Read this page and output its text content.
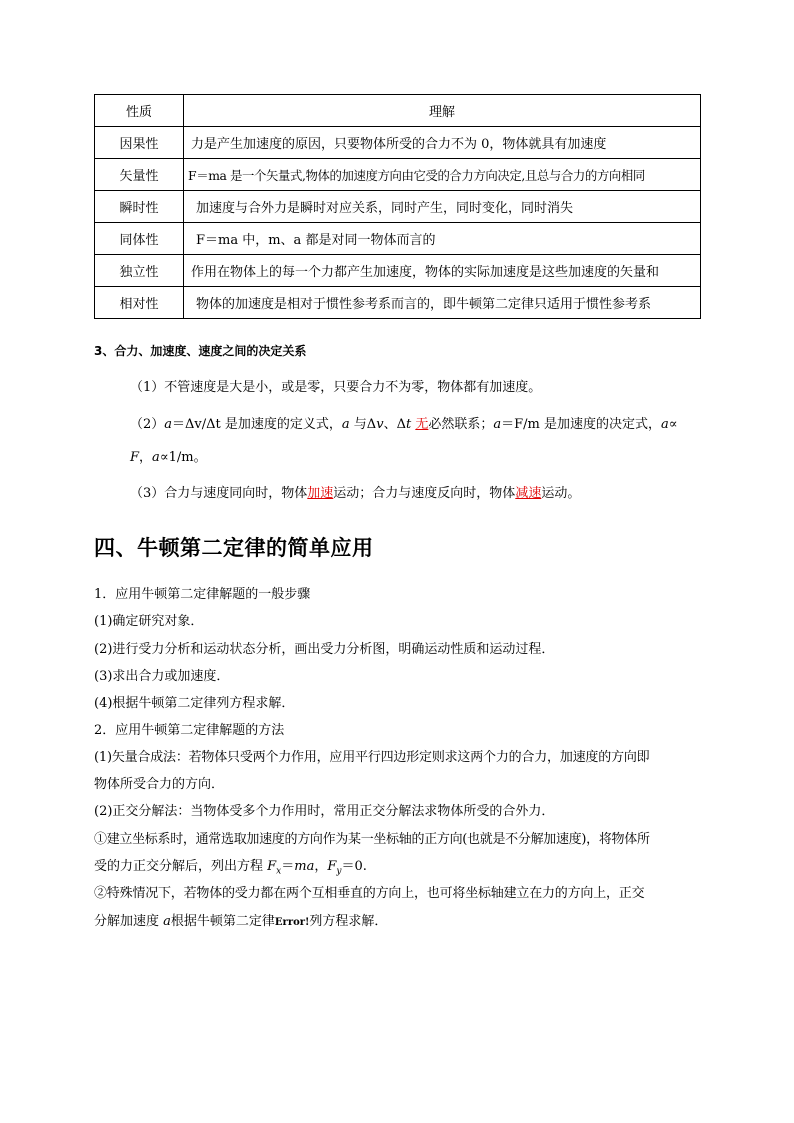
性质	理解
因果性	力是产生加速度的原因，只要物体所受的合力不为 0，物体就具有加速度
矢量性	F＝ma 是一个矢量式,物体的加速度方向由它受的合力方向决定,且总与合力的方向相同
瞬时性	加速度与合外力是瞬时对应关系，同时产生，同时变化，同时消失
同体性	F＝ma 中，m、a 都是对同一物体而言的
独立性	作用在物体上的每一个力都产生加速度，物体的实际加速度是这些加速度的矢量和
相对性	物体的加速度是相对于惯性参考系而言的，即牛顿第二定律只适用于惯性参考系
3、合力、加速度、速度之间的决定关系
（1）不管速度是大是小，或是零，只要合力不为零，物体都有加速度。
（2）a＝Δv/Δt 是加速度的定义式，a 与Δv、Δt 无必然联系；a＝F/m 是加速度的决定式，a∝
F，a∝1/m。
（3）合力与速度同向时，物体加速运动；合力与速度反向时，物体减速运动。
四、牛顿第二定律的简单应用
1．应用牛顿第二定律解题的一般步骤
(1)确定研究对象．
(2)进行受力分析和运动状态分析，画出受力分析图，明确运动性质和运动过程．
(3)求出合力或加速度．
(4)根据牛顿第二定律列方程求解．
2．应用牛顿第二定律解题的方法
(1)矢量合成法：若物体只受两个力作用，应用平行四边形定则求这两个力的合力，加速度的方向即
物体所受合力的方向．
(2)正交分解法：当物体受多个力作用时，常用正交分解法求物体所受的合外力．
①建立坐标系时，通常选取加速度的方向作为某一坐标轴的正方向(也就是不分解加速度)，将物体所
受的力正交分解后，列出方程 $F_x=ma$，$F_y=0$.
②特殊情况下，若物体的受力都在两个互相垂直的方向上，也可将坐标轴建立在力的方向上，正交
分解加速度 a根据牛顿第二定律Error!列方程求解．
